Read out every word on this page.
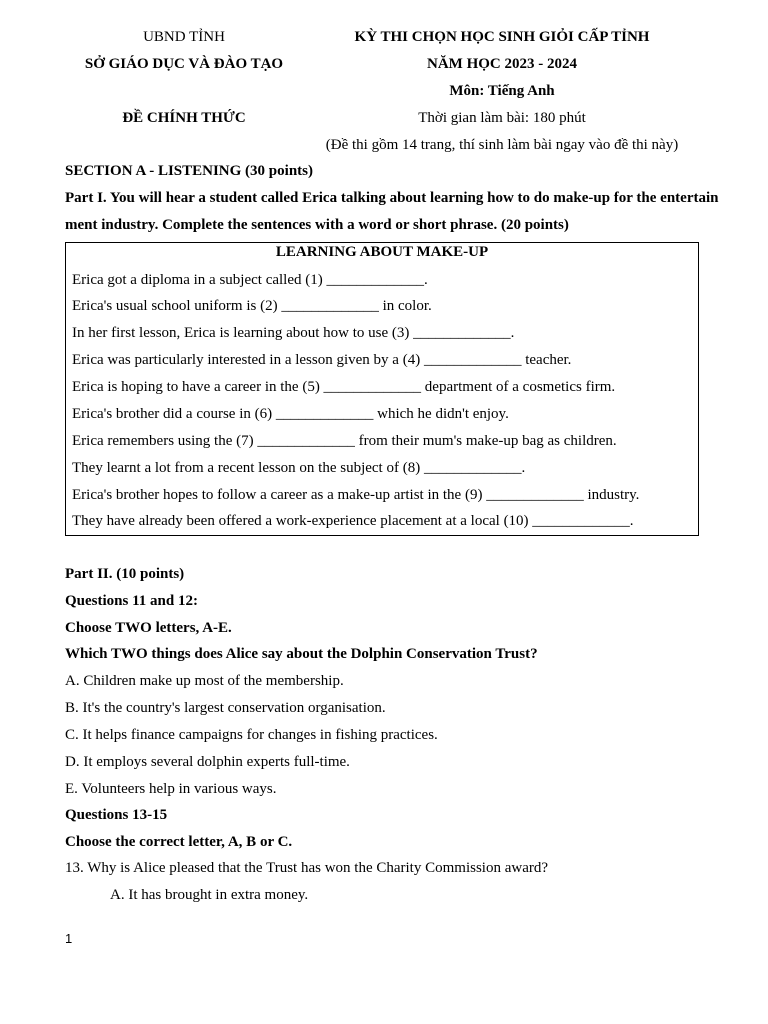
UBND TỈNH
SỞ GIÁO DỤC VÀ ĐÀO TẠO
ĐỀ CHÍNH THỨC
KỲ THI CHỌN HỌC SINH GIỎI CẤP TỈNH
NĂM HỌC 2023 - 2024
Môn: Tiếng Anh
Thời gian làm bài: 180 phút
(Đề thi gồm 14 trang, thí sinh làm bài ngay vào đề thi này)
SECTION A - LISTENING (30 points)
Part I. You will hear a student called Erica talking about learning how to do make-up for the entertain
ment industry. Complete the sentences with a word or short phrase. (20 points)
LEARNING ABOUT MAKE-UP
Erica got a diploma in a subject called (1) _____________.
Erica's usual school uniform is (2) _____________ in color.
In her first lesson, Erica is learning about how to use (3) _____________.
Erica was particularly interested in a lesson given by a (4) _____________ teacher.
Erica is hoping to have a career in the (5) _____________ department of a cosmetics firm.
Erica's brother did a course in (6) _____________ which he didn't enjoy.
Erica remembers using the (7) _____________ from their mum's make-up bag as children.
They learnt a lot from a recent lesson on the subject of (8) _____________.
Erica's brother hopes to follow a career as a make-up artist in the (9) _____________ industry.
They have already been offered a work-experience placement at a local (10) _____________.
Part II. (10 points)
Questions 11 and 12:
Choose TWO letters, A-E.
Which TWO things does Alice say about the Dolphin Conservation Trust?
A. Children make up most of the membership.
B. It's the country's largest conservation organisation.
C. It helps finance campaigns for changes in fishing practices.
D. It employs several dolphin experts full-time.
E. Volunteers help in various ways.
Questions 13-15
Choose the correct letter, A, B or C.
13. Why is Alice pleased that the Trust has won the Charity Commission award?
A. It has brought in extra money.
1
